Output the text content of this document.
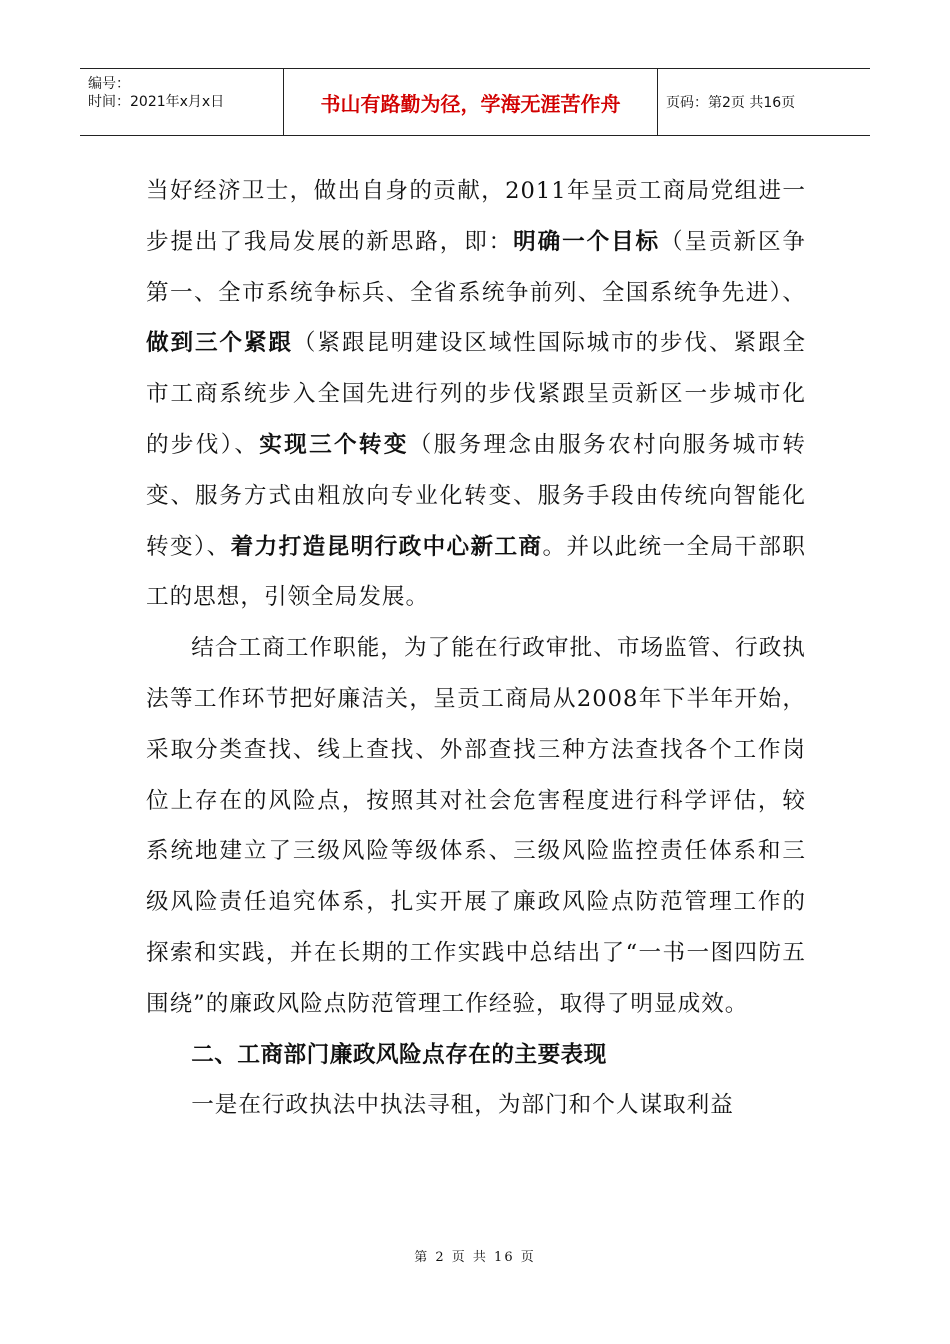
编号：
时间：2021年x月x日	书山有路勤为径，学海无涯苦作舟	页码：第2页 共16页

当好经济卫士，做出自身的贡献，2011年呈贡工商局党组进一步提出了我局发展的新思路，即：明确一个目标（呈贡新区争第一、全市系统争标兵、全省系统争前列、全国系统争先进）、做到三个紧跟（紧跟昆明建设区域性国际城市的步伐、紧跟全市工商系统步入全国先进行列的步伐紧跟呈贡新区一步城市化的步伐）、实现三个转变（服务理念由服务农村向服务城市转变、服务方式由粗放向专业化转变、服务手段由传统向智能化转变）、着力打造昆明行政中心新工商。并以此统一全局干部职工的思想，引领全局发展。

结合工商工作职能，为了能在行政审批、市场监管、行政执法等工作环节把好廉洁关，呈贡工商局从2008年下半年开始，采取分类查找、线上查找、外部查找三种方法查找各个工作岗位上存在的风险点，按照其对社会危害程度进行科学评估，较系统地建立了三级风险等级体系、三级风险监控责任体系和三级风险责任追究体系，扎实开展了廉政风险点防范管理工作的探索和实践，并在长期的工作实践中总结出了“一书一图四防五围绕”的廉政风险点防范管理工作经验，取得了明显成效。

二、工商部门廉政风险点存在的主要表现

一是在行政执法中执法寻租，为部门和个人谋取利益

第 2 页 共 16 页
